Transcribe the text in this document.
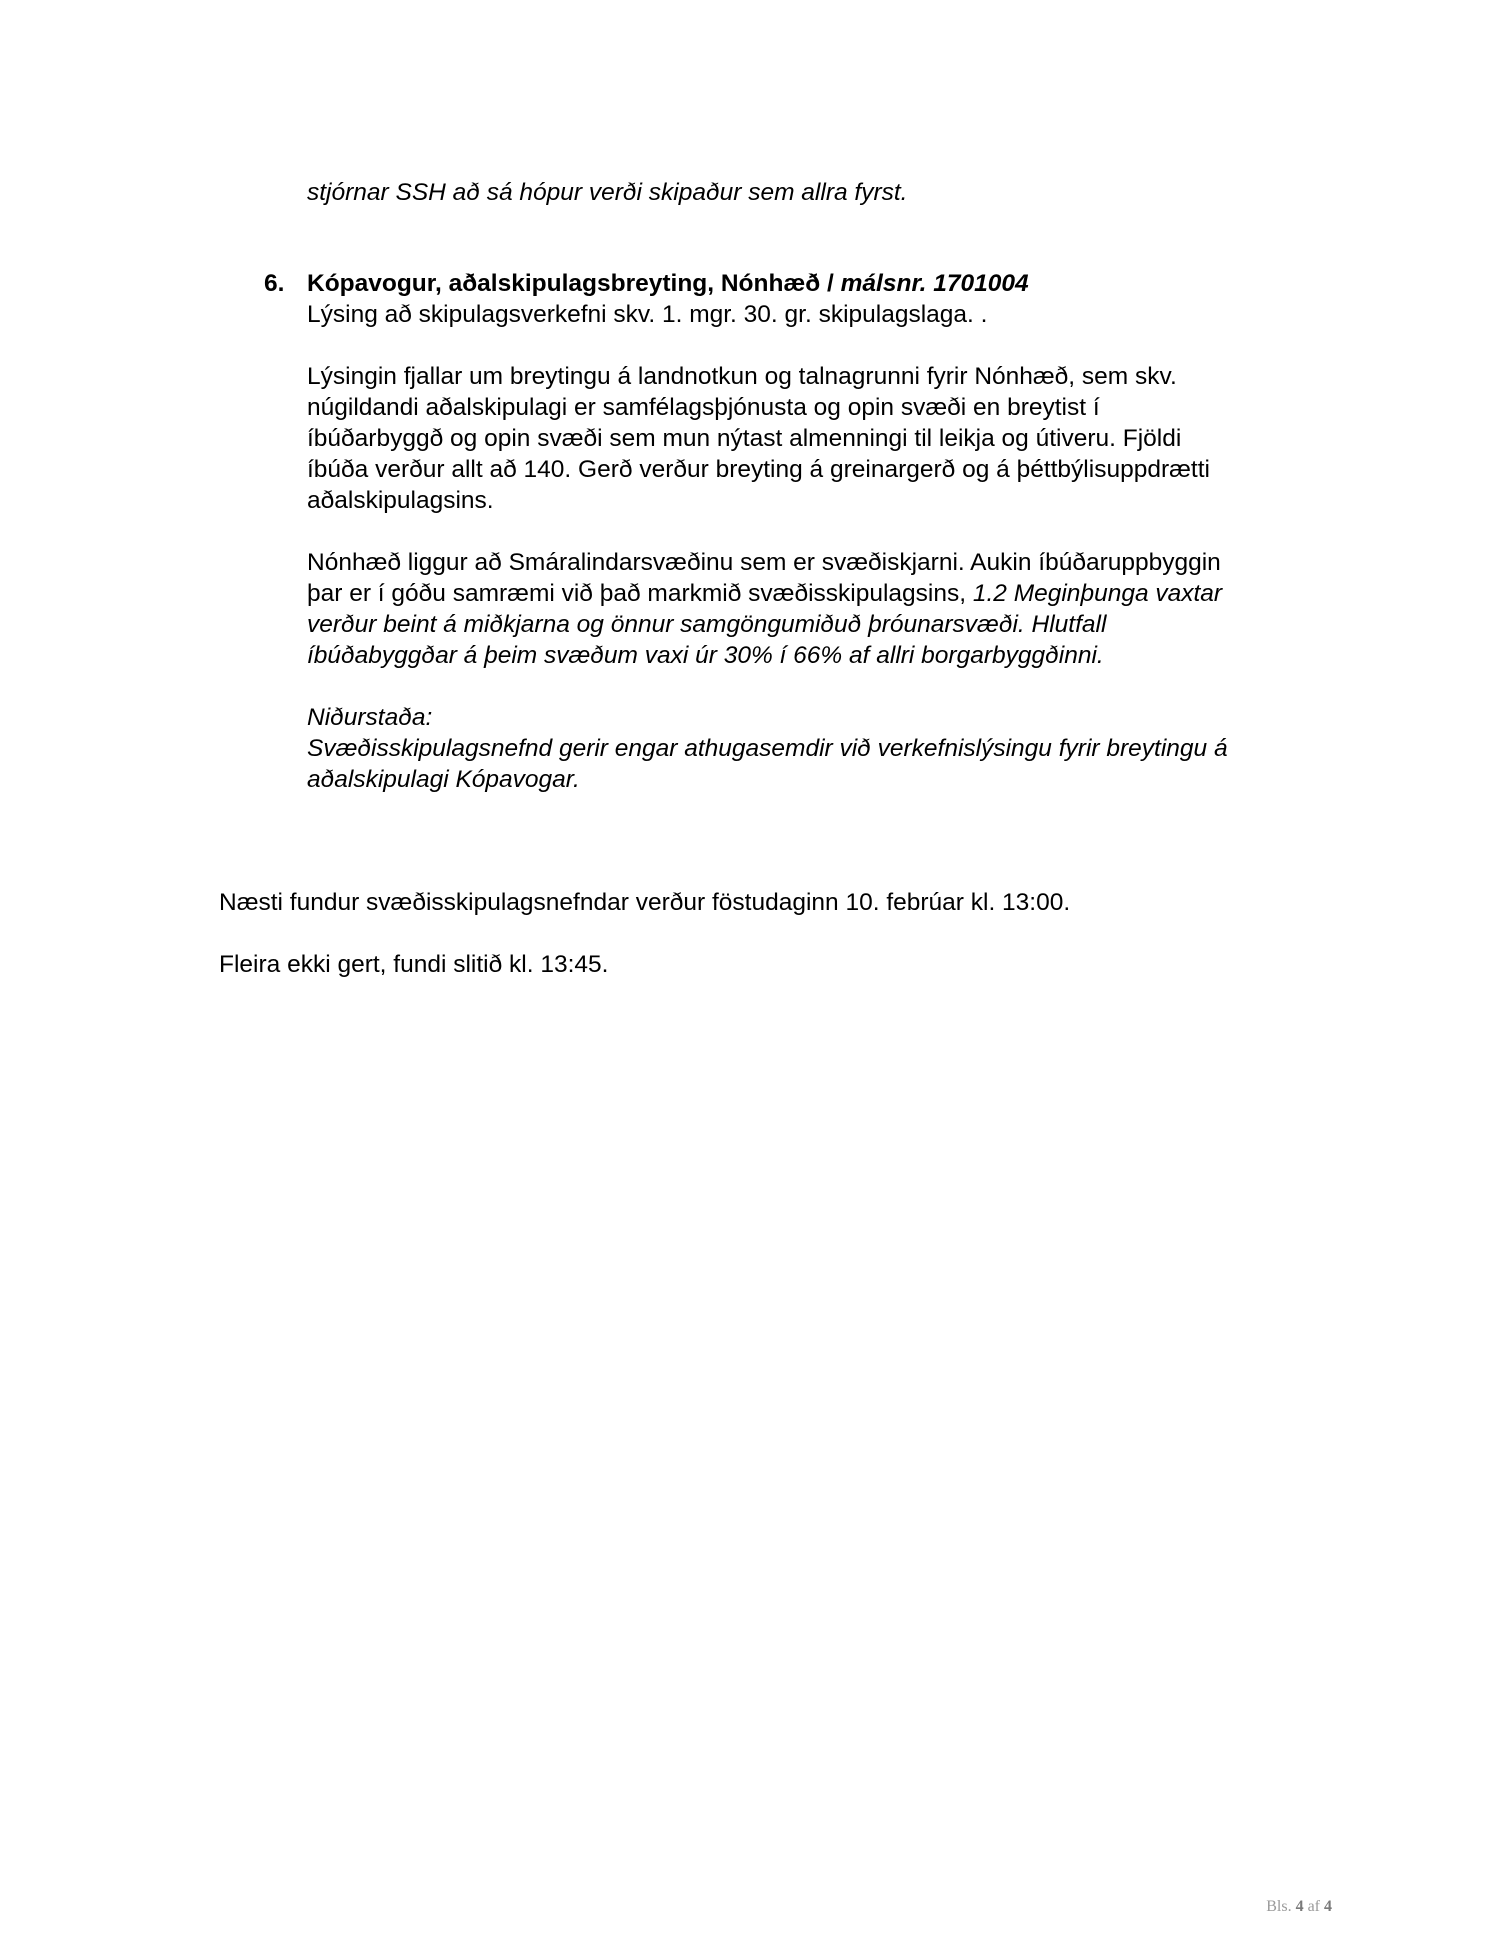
stjórnar SSH að sá hópur verði skipaður sem allra fyrst.
6. Kópavogur, aðalskipulagsbreyting, Nónhæð / málsnr. 1701004
Lýsing að skipulagsverkefni skv. 1. mgr. 30. gr. skipulagslaga. .
Lýsingin fjallar um breytingu á landnotkun og talnagrunni fyrir Nónhæð, sem skv.
núgildandi aðalskipulagi er samfélagsþjónusta og opin svæði en breytist í
íbúðarbyggð og opin svæði sem mun nýtast almenningi til leikja og útiveru. Fjöldi
íbúða verður allt að 140. Gerð verður breyting á greinargerð og á þéttbýlisuppdrætti
aðalskipulagsins.
Nónhæð liggur að Smáralindarsvæðinu sem er svæðiskjarni. Aukin íbúðaruppbyggin
þar er í góðu samræmi við það markmið svæðisskipulagsins, 1.2 Meginþunga vaxtar
verður beint á miðkjarna og önnur samgöngumiðuð þróunarsvæði. Hlutfall
íbúðabyggðar á þeim svæðum vaxi úr 30% í 66% af allri borgarbyggðinni.
Niðurstaða:
Svæðisskipulagsnefnd gerir engar athugasemdir við verkefnislýsingu fyrir breytingu á
aðalskipulagi Kópavogar.
Næsti fundur svæðisskipulagsnefndar verður föstudaginn 10. febrúar kl. 13:00.
Fleira ekki gert, fundi slitið kl. 13:45.
Bls. 4 af 4
